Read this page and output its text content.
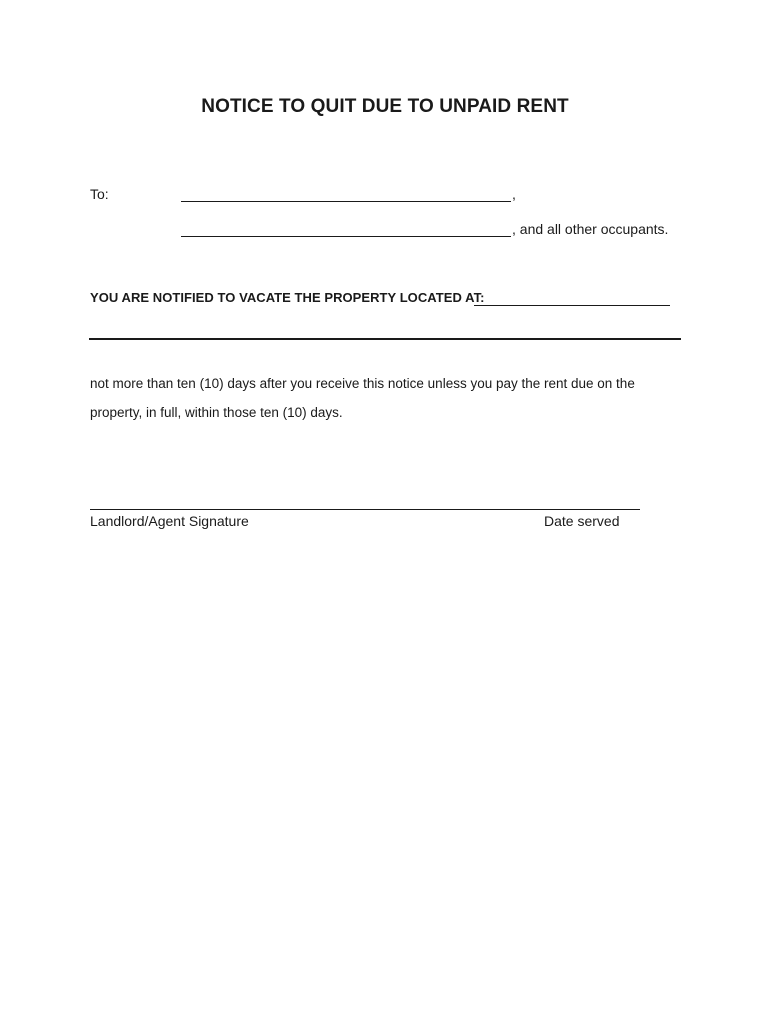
NOTICE TO QUIT DUE TO UNPAID RENT
To:	,
, and all other occupants.
YOU ARE NOTIFIED TO VACATE THE PROPERTY LOCATED AT:
not more than ten (10) days after you receive this notice unless you pay the rent due on the
property, in full, within those ten (10) days.
Landlord/Agent Signature	Date served
